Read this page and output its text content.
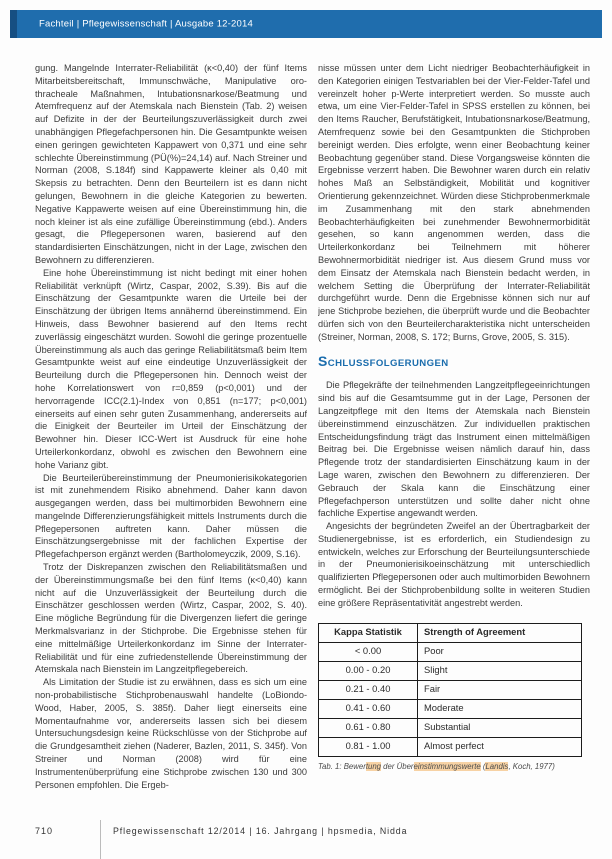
Fachteil | Pflegewissenschaft | Ausgabe 12-2014

gung. Mangelnde Interrater-Reliabilität (κ<0,40) der fünf Items Mitarbeitsbereitschaft, Immunschwäche, Manipulative oro-thracheale Maßnahmen, Intubationsnarkose/Beatmung und Atemfrequenz auf der Atemskala nach Bienstein (Tab. 2) weisen auf Defizite in der der Beurteilungszuverlässigkeit durch zwei unabhängigen Pflegefachpersonen hin. Die Gesamtpunkte weisen einen geringen gewichteten Kappawert von 0,371 und eine sehr schlechte Übereinstimmung (PÜ(%)=24,14) auf. Nach Streiner und Norman (2008, S.184f) sind Kappawerte kleiner als 0,40 mit Skepsis zu betrachten. Denn den Beurteilern ist es dann nicht gelungen, Bewohnern in die gleiche Kategorien zu bewerten. Negative Kappawerte weisen auf eine Übereinstimmung hin, die noch kleiner ist als eine zufällige Übereinstimmung (ebd.). Anders gesagt, die Pflegepersonen waren, basierend auf den standardisierten Einschätzungen, nicht in der Lage, zwischen den Bewohnern zu differenzieren.

Eine hohe Übereinstimmung ist nicht bedingt mit einer hohen Reliabilität verknüpft (Wirtz, Caspar, 2002, S.39). Bis auf die Einschätzung der Gesamtpunkte waren die Urteile bei der Einschätzung der übrigen Items annähernd übereinstimmend. Ein Hinweis, dass Bewohner basierend auf den Items recht zuverlässig eingeschätzt wurden. Sowohl die geringe prozentuelle Übereinstimmung als auch das geringe Reliabilitätsmaß beim Item Gesamtpunkte weist auf eine eindeutige Unzuverlässigkeit der Beurteilung durch die Pflegepersonen hin. Dennoch weist der hohe Korrelationswert von r=0,859 (p<0,001) und der hervorragende ICC(2.1)-Index von 0,851 (n=177; p<0,001) einerseits auf einen sehr guten Zusammenhang, andererseits auf die Einigkeit der Beurteiler im Urteil der Einschätzung der Bewohner hin. Dieser ICC-Wert ist Ausdruck für eine hohe Urteilerkonkordanz, obwohl es zwischen den Bewohnern eine hohe Varianz gibt.

Die Beurteilerübereinstimmung der Pneumonierisikokategorien ist mit zunehmendem Risiko abnehmend. Daher kann davon ausgegangen werden, dass bei multimorbiden Bewohnern eine mangelnde Differenzierungsfähigkeit mittels Instruments durch die Pflegepersonen auftreten kann. Daher müssen die Einschätzungsergebnisse mit der fachlichen Expertise der Pflegefachperson ergänzt werden (Bartholomeyczik, 2009, S.16).

Trotz der Diskrepanzen zwischen den Reliabilitätsmaßen und der Übereinstimmungsmaße bei den fünf Items (κ<0,40) kann nicht auf die Unzuverlässigkeit der Beurteilung durch die Einschätzer geschlossen werden (Wirtz, Caspar, 2002, S. 40). Eine mögliche Begründung für die Divergenzen liefert die geringe Merkmalsvarianz in der Stichprobe. Die Ergebnisse stehen für eine mittelmäßige Urteilerkonkordanz im Sinne der Interrater-Reliabilität und für eine zufriedenstellende Übereinstimmung der Atemskala nach Bienstein im Langzeitpflegebereich.

Als Limitation der Studie ist zu erwähnen, dass es sich um eine non-probabilistische Stichprobenauswahl handelte (LoBiondo-Wood, Haber, 2005, S. 385f). Daher liegt einerseits eine Momentaufnahme vor, andererseits lassen sich bei diesem Untersuchungsdesign keine Rückschlüsse von der Stichprobe auf die Grundgesamtheit ziehen (Naderer, Bazlen, 2011, S. 345f). Von Streiner und Norman (2008) wird für eine Instrumentenüberprüfung eine Stichprobe zwischen 130 und 300 Personen empfohlen. Die Ergeb-

nisse müssen unter dem Licht niedriger Beobachterhäufigkeit in den Kategorien einigen Testvariablen bei der Vier-Felder-Tafel und vereinzelt hoher p-Werte interpretiert werden. So musste auch etwa, um eine Vier-Felder-Tafel in SPSS erstellen zu können, bei den Items Raucher, Berufstätigkeit, Intubationsnarkose/Beatmung, Atemfrequenz sowie bei den Gesamtpunkten die Stichproben bereinigt werden. Dies erfolgte, wenn einer Beobachtung keiner Beobachtung gegenüber stand. Diese Vorgangsweise könnten die Ergebnisse verzerrt haben. Die Bewohner waren durch ein relativ hohes Maß an Selbständigkeit, Mobilität und kognitiver Orientierung gekennzeichnet. Würden diese Stichprobenmerkmale im Zusammenhang mit den stark abnehmenden Beobachterhäufigkeiten bei zunehmender Bewohnermorbidität gesehen, so kann angenommen werden, dass die Urteilerkonkordanz bei Teilnehmern mit höherer Bewohnermorbidität niedriger ist. Aus diesem Grund muss vor dem Einsatz der Atemskala nach Bienstein bedacht werden, in welchem Setting die Überprüfung der Interrater-Reliabilität durchgeführt wurde. Denn die Ergebnisse können sich nur auf jene Stichprobe beziehen, die überprüft wurde und die Beobachter dürfen sich von den Beurteilercharakteristika nicht unterscheiden (Streiner, Norman, 2008, S. 172; Burns, Grove, 2005, S. 315).

SCHLUSSFOLGERUNGEN

Die Pflegekräfte der teilnehmenden Langzeitpflegeeinrichtungen sind bis auf die Gesamtsumme gut in der Lage, Personen der Langzeitpflege mit den Items der Atemskala nach Bienstein übereinstimmend einzuschätzen. Zur individuellen praktischen Entscheidungsfindung trägt das Instrument einen mittelmäßigen Beitrag bei. Die Ergebnisse weisen nämlich darauf hin, dass Pflegende trotz der standardisierten Einschätzung kaum in der Lage waren, zwischen den Bewohnern zu differenzieren. Der Gebrauch der Skala kann die Einschätzung einer Pflegefachperson unterstützen und sollte daher nicht ohne fachliche Expertise angewandt werden.

Angesichts der begründeten Zweifel an der Übertragbarkeit der Studienergebnisse, ist es erforderlich, ein Studiendesign zu entwickeln, welches zur Erforschung der Beurteilungsunterschiede in der Pneumonierisikoeinschätzung mit unterschiedlich qualifizierten Pflegepersonen oder auch multimorbiden Bewohnern ermöglicht. Bei der Stichprobenbildung sollte in weiteren Studien eine größere Repräsentativität angestrebt werden.

Kappa Statistik	Strength of Agreement
< 0.00	Poor
0.00 - 0.20	Slight
0.21 - 0.40	Fair
0.41 - 0.60	Moderate
0.61 - 0.80	Substantial
0.81 - 1.00	Almost perfect
Tab. 1: Bewertung der Übereinstimmungswerte (Landis, Koch, 1977)
710	Pflegewissenschaft 12/2014 | 16. Jahrgang | hpsmedia, Nidda
